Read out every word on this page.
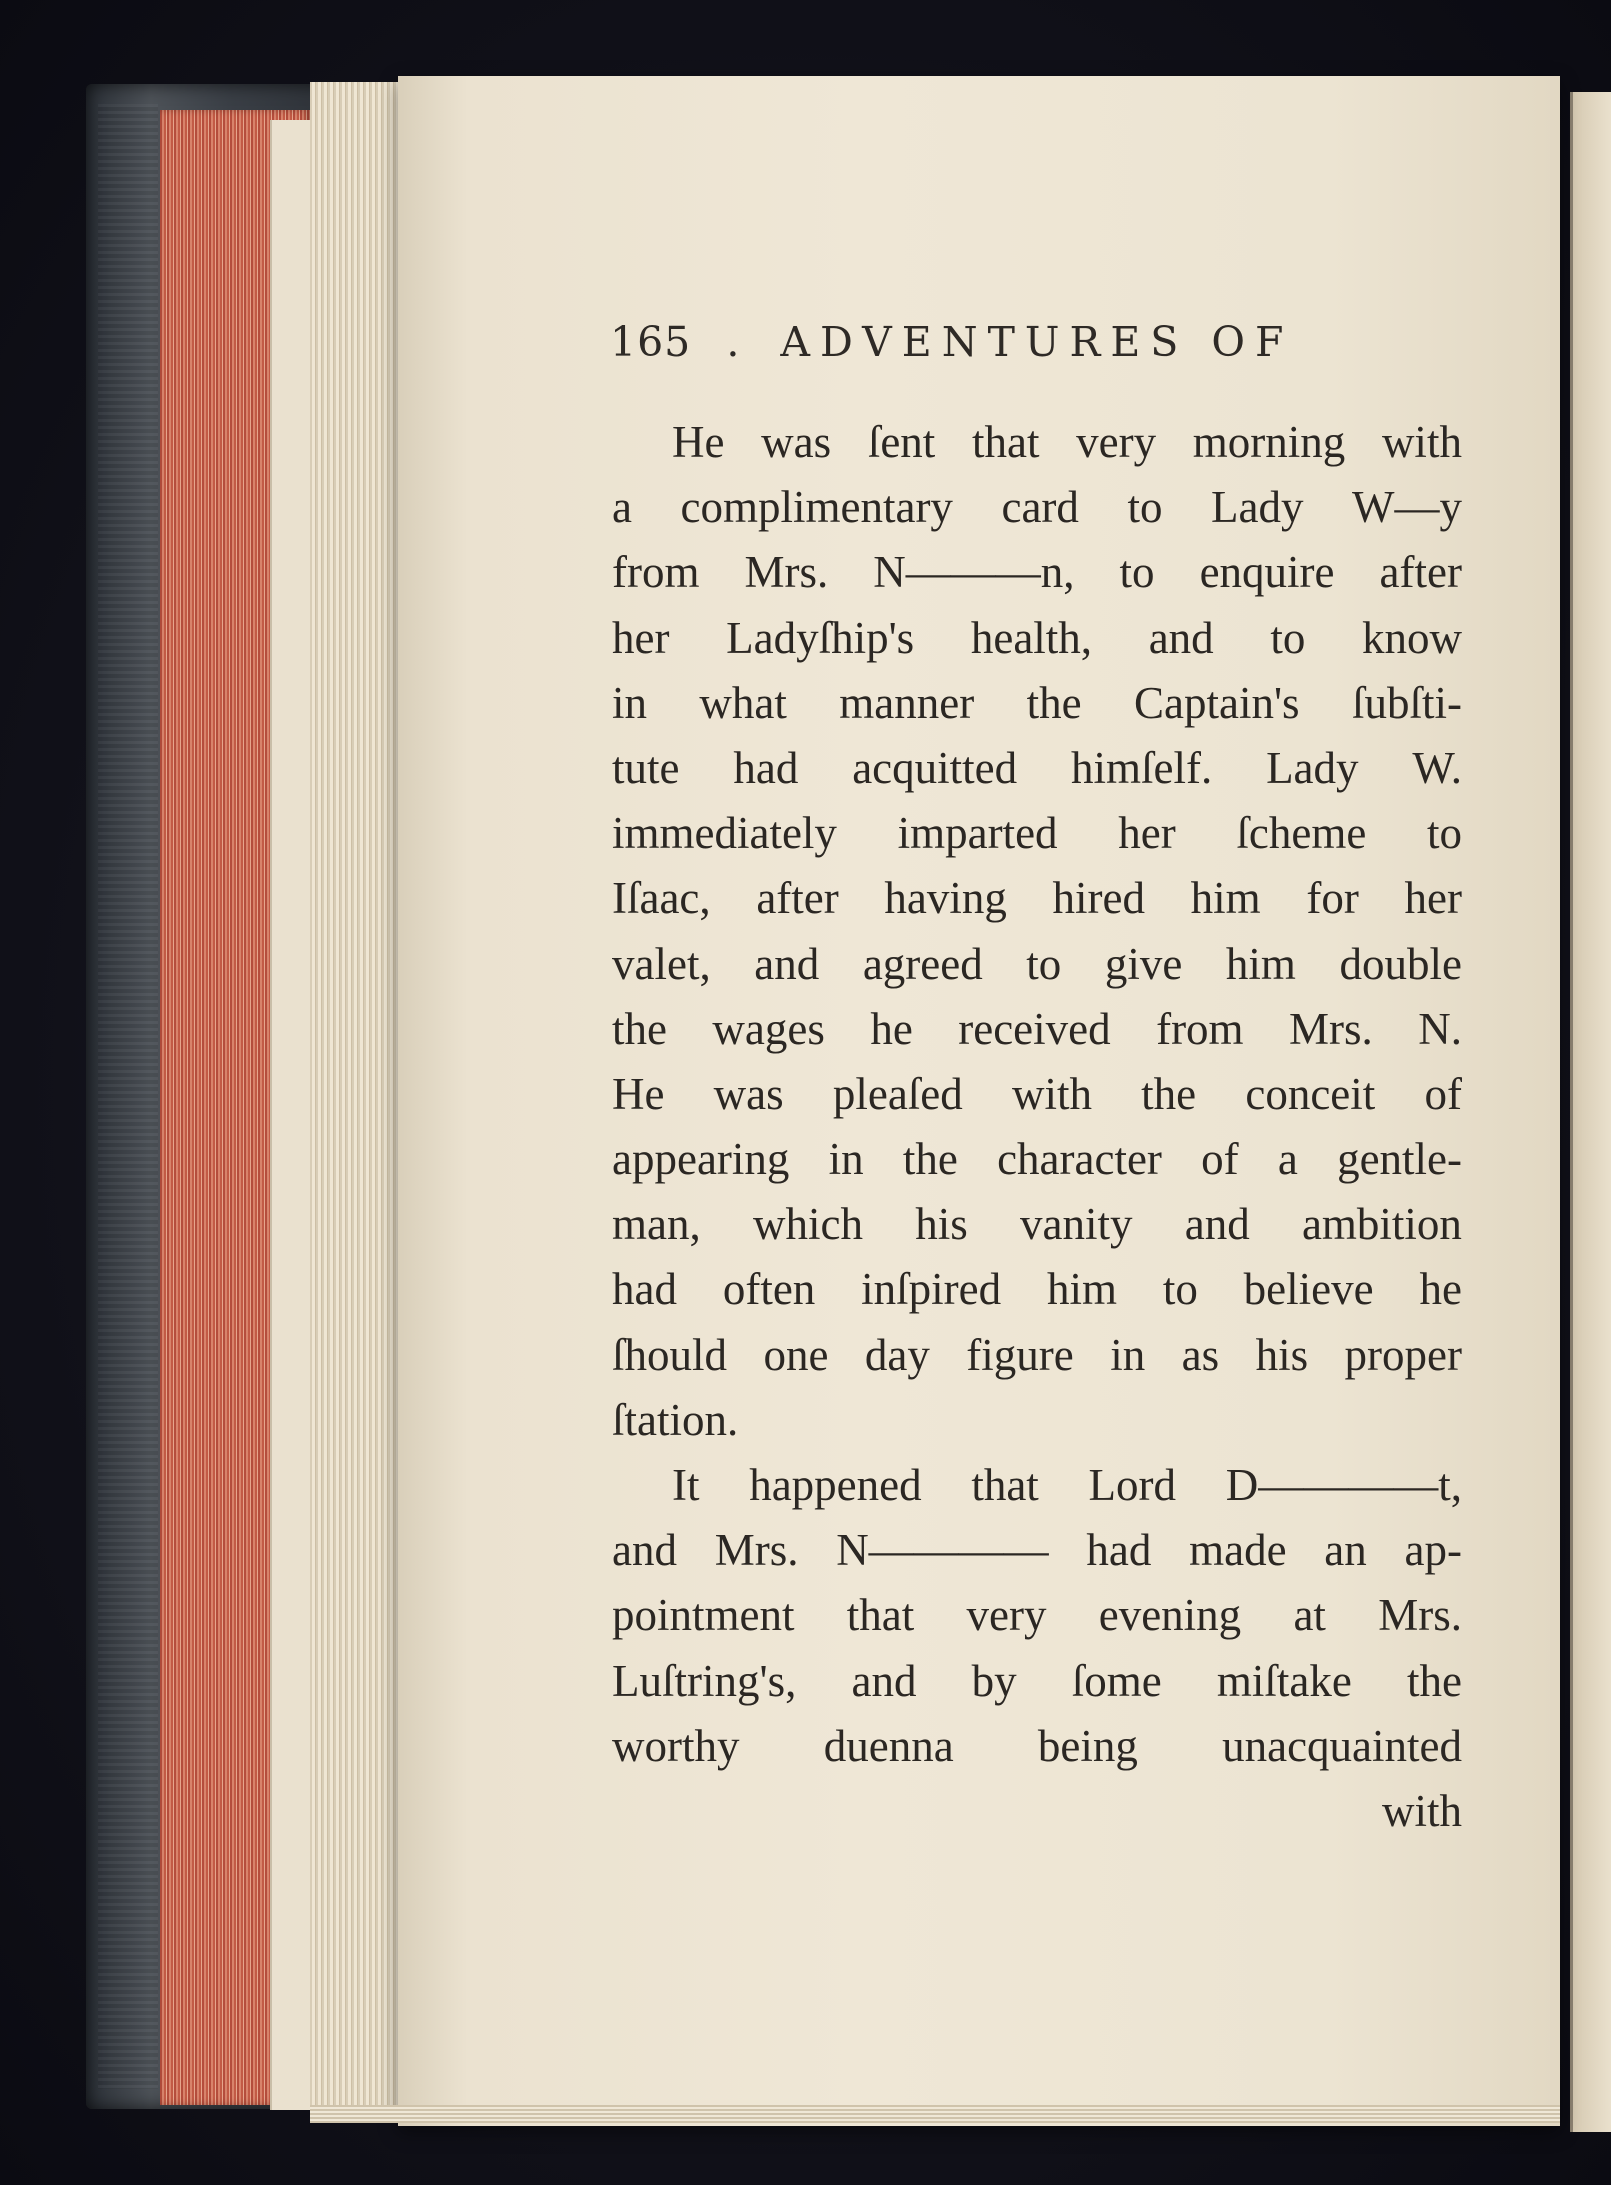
165 . ADVENTURES OF
He was ſent that very morning with
a complimentary card to Lady W—y
from Mrs. N———n, to enquire after
her Ladyſhip's health, and to know
in what manner the Captain's ſubſti-
tute had acquitted himſelf. Lady W.
immediately imparted her ſcheme to
Iſaac, after having hired him for her
valet, and agreed to give him double
the wages he received from Mrs. N.
He was pleaſed with the conceit of
appearing in the character of a gentle-
man, which his vanity and ambition
had often inſpired him to believe he
ſhould one day figure in as his proper
ſtation.
It happened that Lord D————t,
and Mrs. N———— had made an ap-
pointment that very evening at Mrs.
Luſtring's, and by ſome miſtake the
worthy duenna being unacquainted
with
